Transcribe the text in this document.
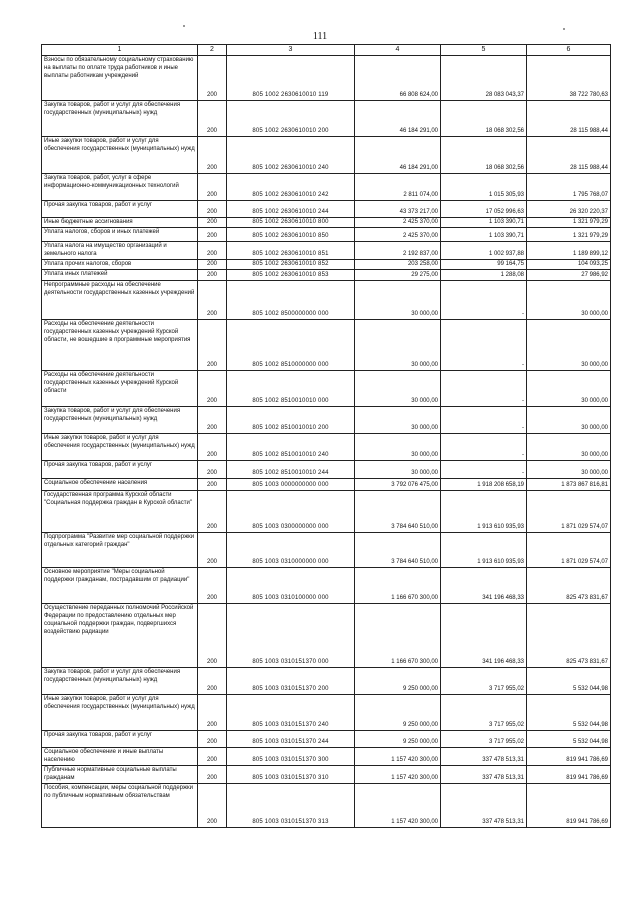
111
1	2	3	4	5	6
Взносы по обязательному социальному страхованию на выплаты по оплате труда работников и иные выплаты работникам учреждений	200	805 1002 2630610010 119	66 808 624,00	28 083 043,37	38 722 780,63
Закупка товаров, работ и услуг для обеспечения государственных (муниципальных) нужд	200	805 1002 2630610010 200	46 184 291,00	18 068 302,56	28 115 988,44
Иные закупки товаров, работ и услуг для обеспечения государственных (муниципальных) нужд	200	805 1002 2630610010 240	46 184 291,00	18 068 302,56	28 115 988,44
Закупка товаров, работ, услуг в сфере информационно-коммуникационных технологий	200	805 1002 2630610010 242	2 811 074,00	1 015 305,93	1 795 768,07
Прочая закупка товаров, работ и услуг	200	805 1002 2630610010 244	43 373 217,00	17 052 996,63	26 320 220,37
Иные бюджетные ассигнования	200	805 1002 2630610010 800	2 425 370,00	1 103 390,71	1 321 979,29
Уплата налогов, сборов и иных платежей	200	805 1002 2630610010 850	2 425 370,00	1 103 390,71	1 321 979,29
Уплата налога на имущество организаций и земельного налога	200	805 1002 2630610010 851	2 192 837,00	1 002 937,88	1 189 899,12
Уплата прочих налогов, сборов	200	805 1002 2630610010 852	203 258,00	99 164,75	104 093,25
Уплата иных платежей	200	805 1002 2630610010 853	29 275,00	1 288,08	27 986,92
Непрограммные расходы на обеспечение деятельности государственных казенных учреждений	200	805 1002 8500000000 000	30 000,00	-	30 000,00
Расходы на обеспечение деятельности государственных казенных учреждений Курской области, не вошедшие в программные мероприятия	200	805 1002 8510000000 000	30 000,00	-	30 000,00
Расходы на обеспечение деятельности государственных казенных учреждений Курской области	200	805 1002 8510010010 000	30 000,00	-	30 000,00
Закупка товаров, работ и услуг для обеспечения государственных (муниципальных) нужд	200	805 1002 8510010010 200	30 000,00	-	30 000,00
Иные закупки товаров, работ и услуг для обеспечения государственных (муниципальных) нужд	200	805 1002 8510010010 240	30 000,00	-	30 000,00
Прочая закупка товаров, работ и услуг	200	805 1002 8510010010 244	30 000,00	-	30 000,00
Социальное обеспечение населения	200	805 1003 0000000000 000	3 792 076 475,00	1 918 208 658,19	1 873 867 816,81
Государственная программа Курской области "Социальная поддержка граждан в Курской области"	200	805 1003 0300000000 000	3 784 640 510,00	1 913 610 935,93	1 871 029 574,07
Подпрограмма "Развитие мер социальной поддержки отдельных категорий граждан"	200	805 1003 0310000000 000	3 784 640 510,00	1 913 610 935,93	1 871 029 574,07
Основное мероприятие "Меры социальной поддержки гражданам, пострадавшим от радиации"	200	805 1003 0310100000 000	1 166 670 300,00	341 196 468,33	825 473 831,67
Осуществление переданных полномочий Российской Федерации по предоставлению отдельных мер социальной поддержки граждан, подвергшихся воздействию радиации	200	805 1003 0310151370 000	1 166 670 300,00	341 196 468,33	825 473 831,67
Закупка товаров, работ и услуг для обеспечения государственных (муниципальных) нужд	200	805 1003 0310151370 200	9 250 000,00	3 717 955,02	5 532 044,98
Иные закупки товаров, работ и услуг для обеспечения государственных (муниципальных) нужд	200	805 1003 0310151370 240	9 250 000,00	3 717 955,02	5 532 044,98
Прочая закупка товаров, работ и услуг	200	805 1003 0310151370 244	9 250 000,00	3 717 955,02	5 532 044,98
Социальное обеспечение и иные выплаты населению	200	805 1003 0310151370 300	1 157 420 300,00	337 478 513,31	819 941 786,69
Публичные нормативные социальные выплаты гражданам	200	805 1003 0310151370 310	1 157 420 300,00	337 478 513,31	819 941 786,69
Пособия, компенсации, меры социальной поддержки по публичным нормативным обязательствам	200	805 1003 0310151370 313	1 157 420 300,00	337 478 513,31	819 941 786,69
